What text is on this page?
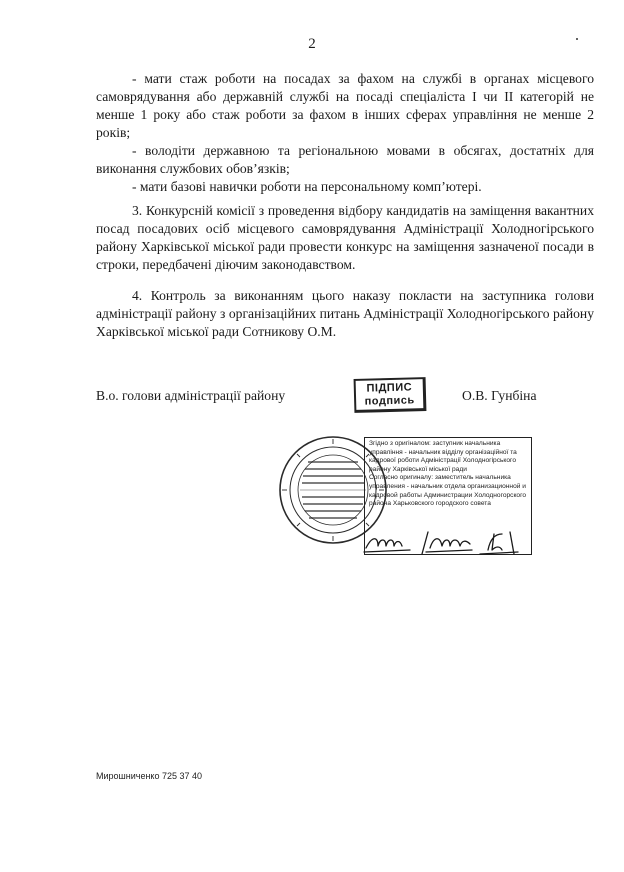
2

- мати стаж роботи на посадах за фахом на службі в органах місцевого самоврядування або державній службі на посаді спеціаліста І чи ІІ категорій не менше 1 року або стаж роботи за фахом в інших сферах управління не менше 2 років;

- володіти державною та регіональною мовами в обсягах, достатніх для виконання службових обов’язків;

- мати базові навички роботи на персональному комп’ютері.

3. Конкурсній комісії з проведення відбору кандидатів на заміщення вакантних посад посадових осіб місцевого самоврядування Адміністрації Холодногірського району Харківської міської ради провести конкурс на заміщення зазначеної посади в строки, передбачені діючим законодавством.

4. Контроль за виконанням цього наказу покласти на заступника голови адміністрації району з організаційних питань Адміністрації Холодногірського району Харківської міської ради Сотникову О.М.

В.о. голови адміністрації району	ПІДПИС
подпись	О.В. Гунбіна

Згідно з оригіналом: заступник начальника управління - начальник відділу організаційної та кадрової роботи Адміністрації Холодногірського району Харківської міської ради

Согласно оригиналу: заместитель начальника управления - начальник отдела организационной и кадровой работы Администрации Холодногорского района Харьковского городского совета

Мирошниченко 725 37 40
